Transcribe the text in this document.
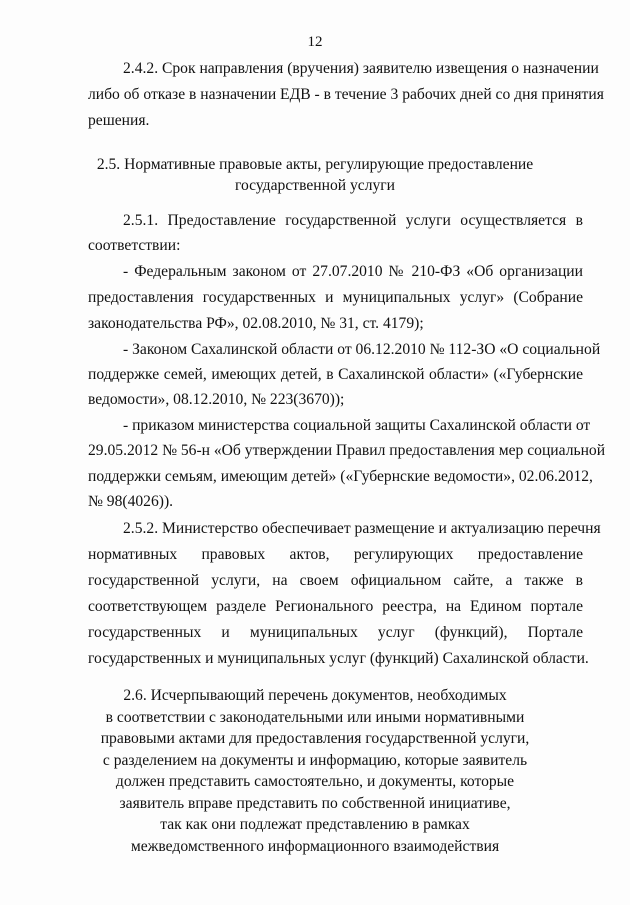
12
2.4.2. Срок направления (вручения) заявителю извещения о назначении
либо об отказе в назначении ЕДВ - в течение 3 рабочих дней со дня принятия
решения.
2.5. Нормативные правовые акты, регулирующие предоставление
государственной услуги
2.5.1. Предоставление государственной услуги осуществляется в
соответствии:
- Федеральным законом от 27.07.2010 № 210-ФЗ «Об организации
предоставления государственных и муниципальных услуг» (Собрание
законодательства РФ», 02.08.2010, № 31, ст. 4179);
- Законом Сахалинской области от 06.12.2010 № 112-ЗО «О социальной
поддержке семей, имеющих детей, в Сахалинской области» («Губернские
ведомости», 08.12.2010, № 223(3670));
- приказом министерства социальной защиты Сахалинской области от
29.05.2012 № 56-н «Об утверждении Правил предоставления мер социальной
поддержки семьям, имеющим детей» («Губернские ведомости», 02.06.2012,
№ 98(4026)).
2.5.2. Министерство обеспечивает размещение и актуализацию перечня
нормативных правовых актов, регулирующих предоставление
государственной услуги, на своем официальном сайте, а также в
соответствующем разделе Регионального реестра, на Едином портале
государственных и муниципальных услуг (функций), Портале
государственных и муниципальных услуг (функций) Сахалинской области.
2.6. Исчерпывающий перечень документов, необходимых
в соответствии с законодательными или иными нормативными
правовыми актами для предоставления государственной услуги,
с разделением на документы и информацию, которые заявитель
должен представить самостоятельно, и документы, которые
заявитель вправе представить по собственной инициативе,
так как они подлежат представлению в рамках
межведомственного информационного взаимодействия
